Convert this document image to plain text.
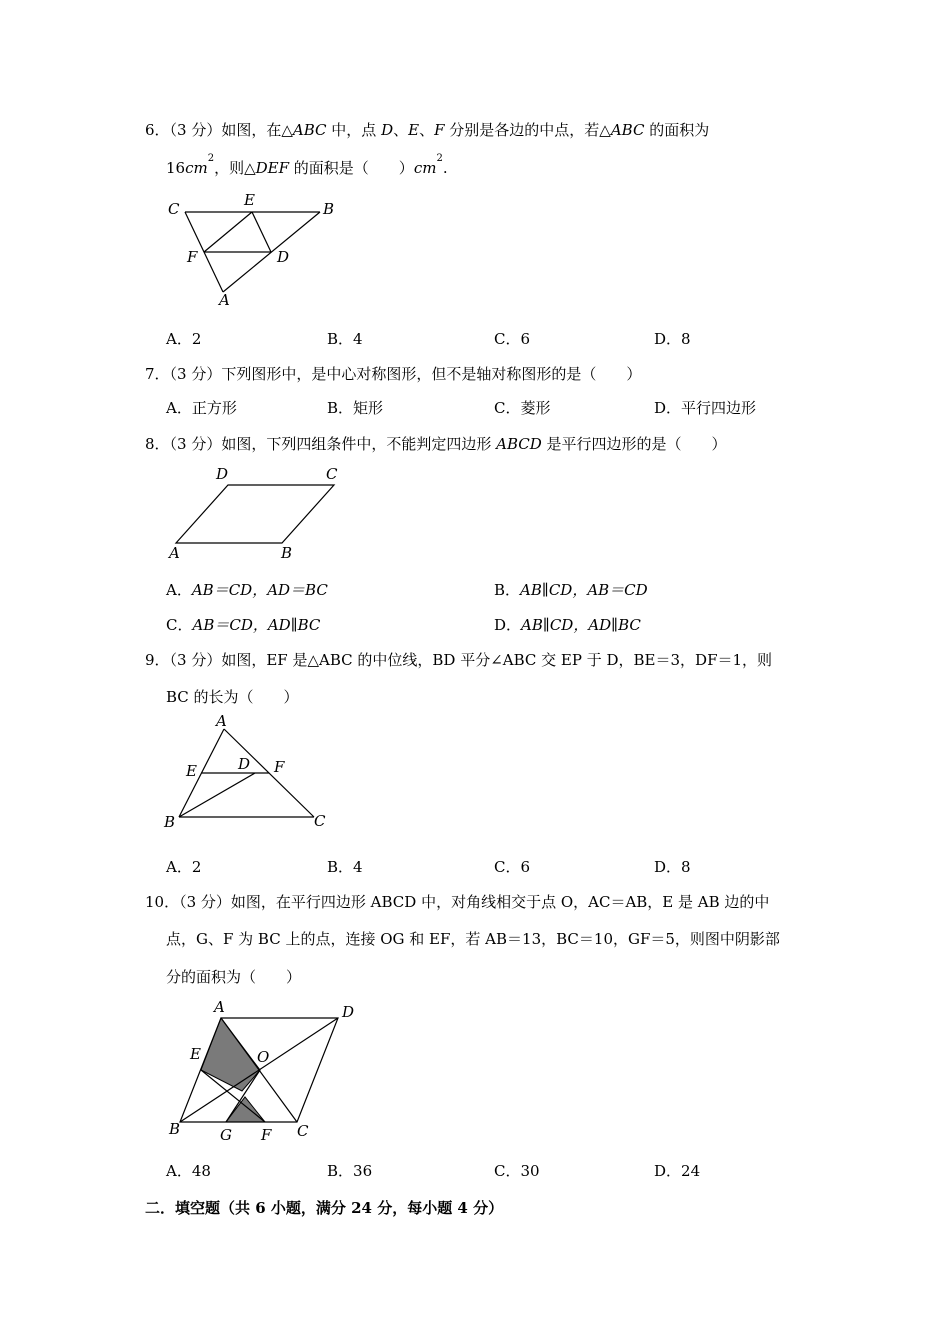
6．（3 分）如图，在△ABC 中，点 D、E、F 分别是各边的中点，若△ABC 的面积为
$16cm^2$，则△DEF 的面积是（　　）$cm^2$.
C	E	B
F	D
A
A．2	B．4	C．6	D．8
7．（3 分）下列图形中，是中心对称图形，但不是轴对称图形的是（　　）
A．正方形	B．矩形	C．菱形	D．平行四边形
8．（3 分）如图，下列四组条件中，不能判定四边形 ABCD 是平行四边形的是（　　）
D	C
A	B
A．AB＝CD，AD＝BC	B．AB∥CD，AB＝CD
C．AB＝CD，AD∥BC	D．AB∥CD，AD∥BC
9．（3 分）如图，EF 是△ABC 的中位线，BD 平分∠ABC 交 EP 于 D，BE＝3，DF＝1，则
BC 的长为（　　）
A
E	D F
B	C
A．2	B．4	C．6	D．8
10．（3 分）如图，在平行四边形 ABCD 中，对角线相交于点 O，AC＝AB，E 是 AB 边的中
点，G、F 为 BC 上的点，连接 OG 和 EF，若 AB＝13，BC＝10，GF＝5，则图中阴影部
分的面积为（　　）
A	D
E	O
B	G F C
A．48	B．36	C．30	D．24
二．填空题（共 6 小题，满分 24 分，每小题 4 分）
